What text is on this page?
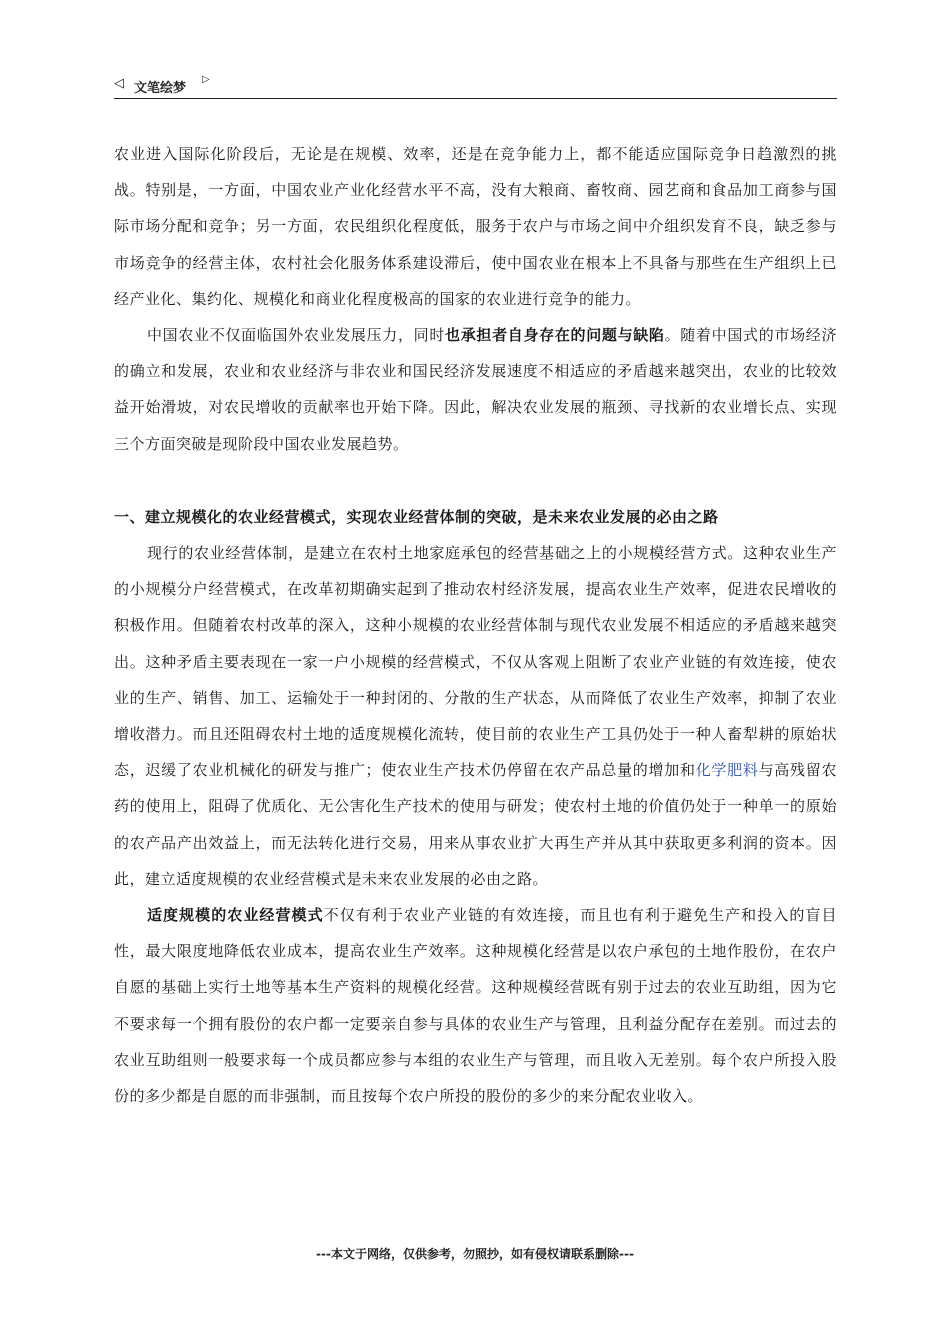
◁ 文笔绘梦
▷

农业进入国际化阶段后，无论是在规模、效率，还是在竞争能力上，都不能适应国际竞争日趋激烈的挑战。特别是，一方面，中国农业产业化经营水平不高，没有大粮商、畜牧商、园艺商和食品加工商参与国际市场分配和竞争；另一方面，农民组织化程度低，服务于农户与市场之间中介组织发育不良，缺乏参与市场竞争的经营主体，农村社会化服务体系建设滞后，使中国农业在根本上不具备与那些在生产组织上已经产业化、集约化、规模化和商业化程度极高的国家的农业进行竞争的能力。

中国农业不仅面临国外农业发展压力，同时也承担者自身存在的问题与缺陷。随着中国式的市场经济的确立和发展，农业和农业经济与非农业和国民经济发展速度不相适应的矛盾越来越突出，农业的比较效益开始滑坡，对农民增收的贡献率也开始下降。因此，解决农业发展的瓶颈、寻找新的农业增长点、实现三个方面突破是现阶段中国农业发展趋势。

一、建立规模化的农业经营模式，实现农业经营体制的突破，是未来农业发展的必由之路

现行的农业经营体制，是建立在农村土地家庭承包的经营基础之上的小规模经营方式。这种农业生产的小规模分户经营模式，在改革初期确实起到了推动农村经济发展，提高农业生产效率，促进农民增收的积极作用。但随着农村改革的深入，这种小规模的农业经营体制与现代农业发展不相适应的矛盾越来越突出。这种矛盾主要表现在一家一户小规模的经营模式，不仅从客观上阻断了农业产业链的有效连接，使农业的生产、销售、加工、运输处于一种封闭的、分散的生产状态，从而降低了农业生产效率，抑制了农业增收潜力。而且还阻碍农村土地的适度规模化流转，使目前的农业生产工具仍处于一种人畜犁耕的原始状态，迟缓了农业机械化的研发与推广；使农业生产技术仍停留在农产品总量的增加和化学肥料与高残留农药的使用上，阻碍了优质化、无公害化生产技术的使用与研发；使农村土地的价值仍处于一种单一的原始的农产品产出效益上，而无法转化进行交易，用来从事农业扩大再生产并从其中获取更多利润的资本。因此，建立适度规模的农业经营模式是未来农业发展的必由之路。

适度规模的农业经营模式不仅有利于农业产业链的有效连接，而且也有利于避免生产和投入的盲目性，最大限度地降低农业成本，提高农业生产效率。这种规模化经营是以农户承包的土地作股份，在农户自愿的基础上实行土地等基本生产资料的规模化经营。这种规模经营既有别于过去的农业互助组，因为它不要求每一个拥有股份的农户都一定要亲自参与具体的农业生产与管理，且利益分配存在差别。而过去的农业互助组则一般要求每一个成员都应参与本组的农业生产与管理，而且收入无差别。每个农户所投入股份的多少都是自愿的而非强制，而且按每个农户所投的股份的多少的来分配农业收入。

---本文于网络，仅供参考，勿照抄，如有侵权请联系删除---
